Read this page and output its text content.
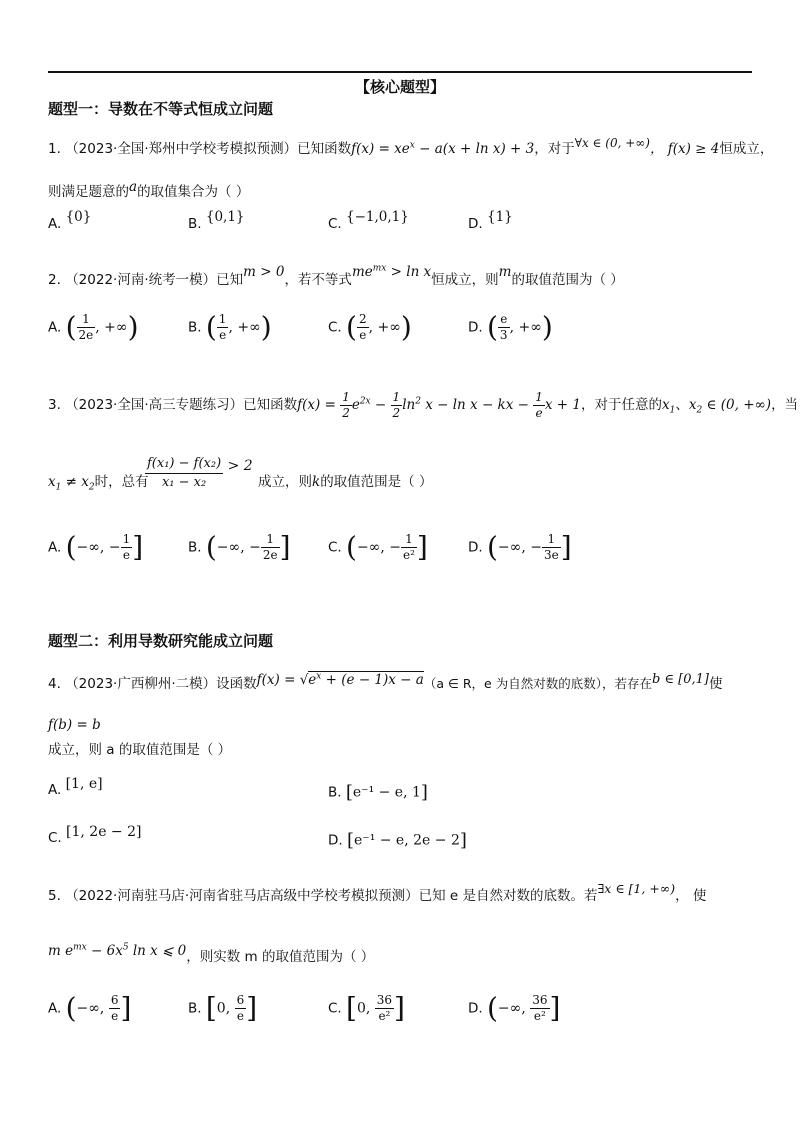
【核心题型】
题型一：导数在不等式恒成立问题
1. （2023·全国·郑州中学校考模拟预测）已知函数$f(x) = xe^x - a(x + \ln x) + 3$，对于∀x ∈ (0, +∞)， f(x) ≥ 4恒成立，
则满足题意的a的取值集合为（ ）
A. {0}	B. {0,1}	C. {−1,0,1}	D. {1}
2. （2022·河南·统考一模）已知m > 0，若不等式$me^{mx} > \ln x$恒成立，则m的取值范围为（ ）
A. ( $\frac{1}{2e}$ , +∞)	B. ( $\frac{1}{e}$ , +∞)	C. ( $\frac{2}{e}$ , +∞)	D. ( $\frac{e}{3}$ , +∞)
3. （2023·全国·高三专题练习）已知函数$f(x) = \frac{1}{2} e^{2x} - \frac{1}{2} \ln^2 x - \ln x$ − kx − $\frac{1}{e}$ x + 1，对于任意的$x_1$、$x_2$ ∈ (0, +∞)，当
$x_1 \ne x_2$时，总有
$\frac{\text{f(x₁) − f(x₂)}}{\text{x₁ − x₂}} > 2$
成立，则k的取值范围是（ ）
A. (−∞, − $\frac{1}{e}$ ]	B. (−∞, − $\frac{1}{2e}$ ]	C. (−∞, − $\frac{1}{\text{e²}}$ ]	D. (−∞, − $\frac{1}{3e}$ ]
题型二：利用导数研究能成立问题
4. （2023·广西柳州·二模）设函数$f(x) = √e^x + (e - 1)x - a(a$ ∈ R，e 为自然对数的底数），若存在b ∈ [0,1]使
f(b) = b
成立，则 a 的取值范围是（ ）
A. [1, e]
B. [e⁻¹ − e, 1]
C. [1, 2e − 2]
D. [e⁻¹ − e, 2e − 2]
5. （2022·河南驻马店·河南省驻马店高级中学校考模拟预测）已知 e 是自然对数的底数。若∃x ∈ [1, +∞)， 使
m $e^{mx} - 6x^5$ ln x ⩽ 0，则实数 m 的取值范围为（ ）
A. (−∞, $\frac{6}{e}$ ]	B. [0, $\frac{6}{e}$ ]	C. [0, $\frac{36}{\text{e²}}$ ]	D. (−∞, $\frac{36}{\text{e²}}$ ]
